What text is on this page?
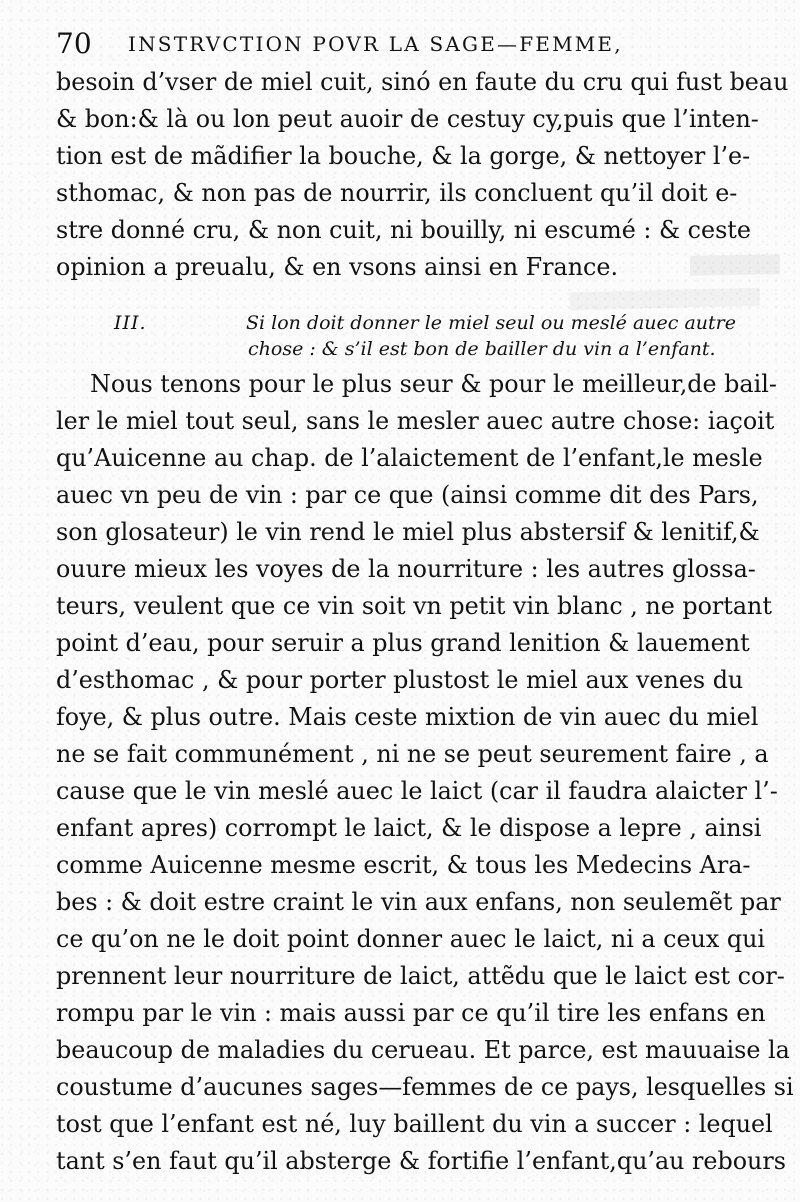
70 INSTRVCTION POVR LA SAGE—FEMME,
besoin d’vser de miel cuit, sinó en faute du cru qui fust beau
& bon:& là ou lon peut auoir de cestuy cy,puis que l’inten-
tion est de mãdifier la bouche, & la gorge, & nettoyer l’e-
sthomac, & non pas de nourrir, ils concluent qu’il doit e-
stre donné cru, & non cuit, ni bouilly, ni escumé : & ceste
opinion a preualu, & en vsons ainsi en France.
III.	Si lon doit donner le miel seul ou meslé auec autre
chose : & s’il est bon de bailler du vin a l’enfant.
Nous tenons pour le plus seur & pour le meilleur,de bail-
ler le miel tout seul, sans le mesler auec autre chose: iaçoit
qu’Auicenne au chap. de l’alaictement de l’enfant,le mesle
auec vn peu de vin : par ce que (ainsi comme dit des Pars,
son glosateur) le vin rend le miel plus abstersif & lenitif,&
ouure mieux les voyes de la nourriture : les autres glossa-
teurs, veulent que ce vin soit vn petit vin blanc , ne portant
point d’eau, pour seruir a plus grand lenition & lauement
d’esthomac , & pour porter plustost le miel aux venes du
foye, & plus outre. Mais ceste mixtion de vin auec du miel
ne se fait communément , ni ne se peut seurement faire , a
cause que le vin meslé auec le laict (car il faudra alaicter l’-
enfant apres) corrompt le laict, & le dispose a lepre , ainsi
comme Auicenne mesme escrit, & tous les Medecins Ara-
bes : & doit estre craint le vin aux enfans, non seulemẽt par
ce qu’on ne le doit point donner auec le laict, ni a ceux qui
prennent leur nourriture de laict, attẽdu que le laict est cor-
rompu par le vin : mais aussi par ce qu’il tire les enfans en
beaucoup de maladies du cerueau. Et parce, est mauuaise la
coustume d’aucunes sages—femmes de ce pays, lesquelles si
tost que l’enfant est né, luy baillent du vin a succer : lequel
tant s’en faut qu’il absterge & fortifie l’enfant,qu’au rebours
